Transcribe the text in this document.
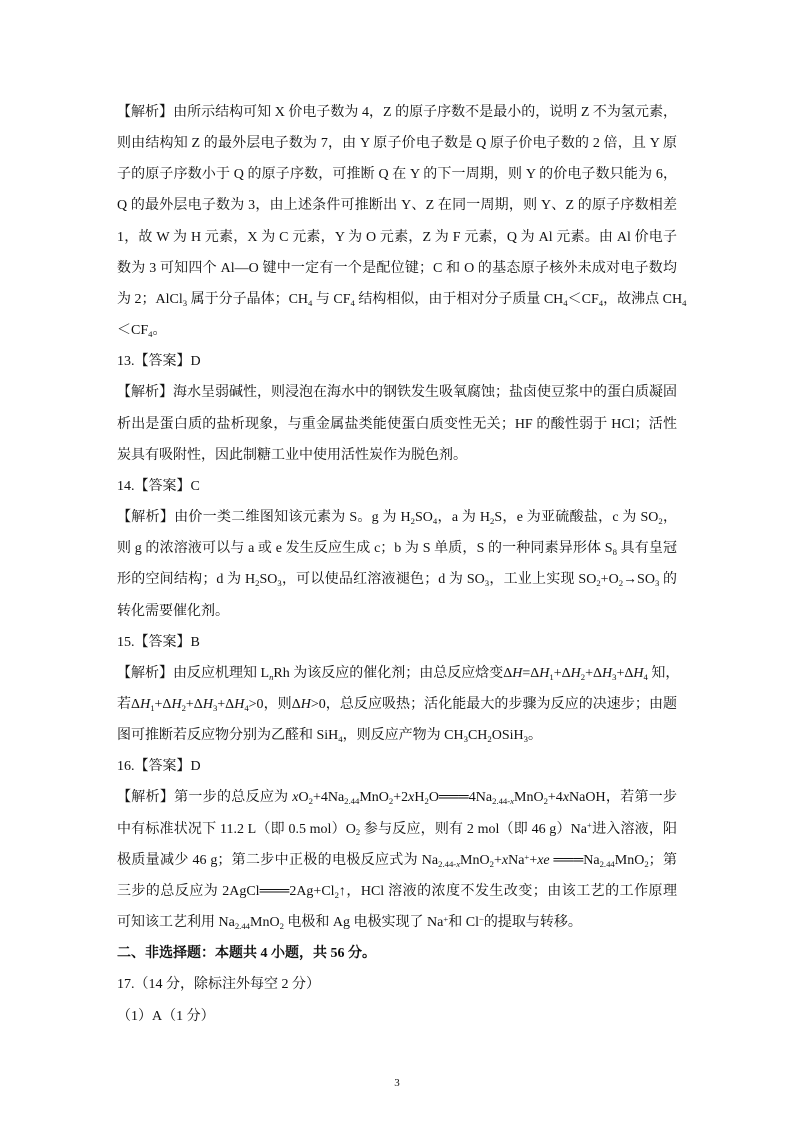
【解析】由所示结构可知 X 价电子数为 4，Z 的原子序数不是最小的，说明 Z 不为氢元素，
则由结构知 Z 的最外层电子数为 7，由 Y 原子价电子数是 Q 原子价电子数的 2 倍，且 Y 原
子的原子序数小于 Q 的原子序数，可推断 Q 在 Y 的下一周期，则 Y 的价电子数只能为 6，
Q 的最外层电子数为 3，由上述条件可推断出 Y、Z 在同一周期，则 Y、Z 的原子序数相差
1，故 W 为 H 元素，X 为 C 元素，Y 为 O 元素，Z 为 F 元素，Q 为 Al 元素。由 Al 价电子
数为 3 可知四个 Al—O 键中一定有一个是配位键；C 和 O 的基态原子核外未成对电子数均
为 2；AlCl$_3$ 属于分子晶体；$CH_4$ 与 $CF_4$ 结构相似，由于相对分子质量 $CH_4<CF_4$，故沸点 $CH_4$
$<CF_4$。
13.【答案】D
【解析】海水呈弱碱性，则浸泡在海水中的钢铁发生吸氧腐蚀；盐卤使豆浆中的蛋白质凝固
析出是蛋白质的盐析现象，与重金属盐类能使蛋白质变性无关；HF 的酸性弱于 HCl；活性
炭具有吸附性，因此制糖工业中使用活性炭作为脱色剂。
14.【答案】C
【解析】由价一类二维图知该元素为 S。g 为 $H_2SO_4$，a 为 $H_2S$，e 为亚硫酸盐，c 为 $SO_2$，
则 g 的浓溶液可以与 a 或 e 发生反应生成 c；b 为 S 单质，S 的一种同素异形体 $S_8$ 具有皇冠
形的空间结构；d 为 $H_2SO_3$，可以使品红溶液褪色；d 为 $SO_3$，工业上实现 $SO_2+O_2\to SO_3$ 的
转化需要催化剂。
15.【答案】B
【解析】由反应机理知 $L_nRh$ 为该反应的催化剂；由总反应焓变$\Delta H=\Delta H_1+\Delta H_2+\Delta H_3+\Delta H_4$ 知，
若$\Delta H_1+\Delta H_2+\Delta H_3+\Delta H_4>0$，则ΔH>0，总反应吸热；活化能最大的步骤为反应的决速步；由题
图可推断若反应物分别为乙醛和 SiH$_4$，则反应产物为 $CH_3CH_2OSiH_3$。
16.【答案】D
【解析】第一步的总反应为 $xO_2+4Na_{2.44}MnO_2+2xH_2O═══4Na_{2.44-x}MnO_2+4xNaOH$，若第一步
中有标准状况下 11.2 L（即 0.5 $mol)O_2$ 参与反应，则有 2 mol（即 46 g）Na+进入溶液，阳
极质量减少 46 g；第二步中正极的电极反应式为 $Na_{2.44-x}MnO_2+xNa^++xe$ $═══Na_{2.44}MnO_2$；第
三步的总反应为 $2AgCl═══2Ag+Cl_2↑$，HCl 溶液的浓度不发生改变；由该工艺的工作原理
可知该工艺利用 $Na_{2.44}MnO_2$ 电极和 Ag 电极实现了 Na+和 Cl−的提取与转移。
二、非选择题：本题共 4 小题，共 56 分。
17.（14 分，除标注外每空 2 分）
（1）A（1 分）
3
